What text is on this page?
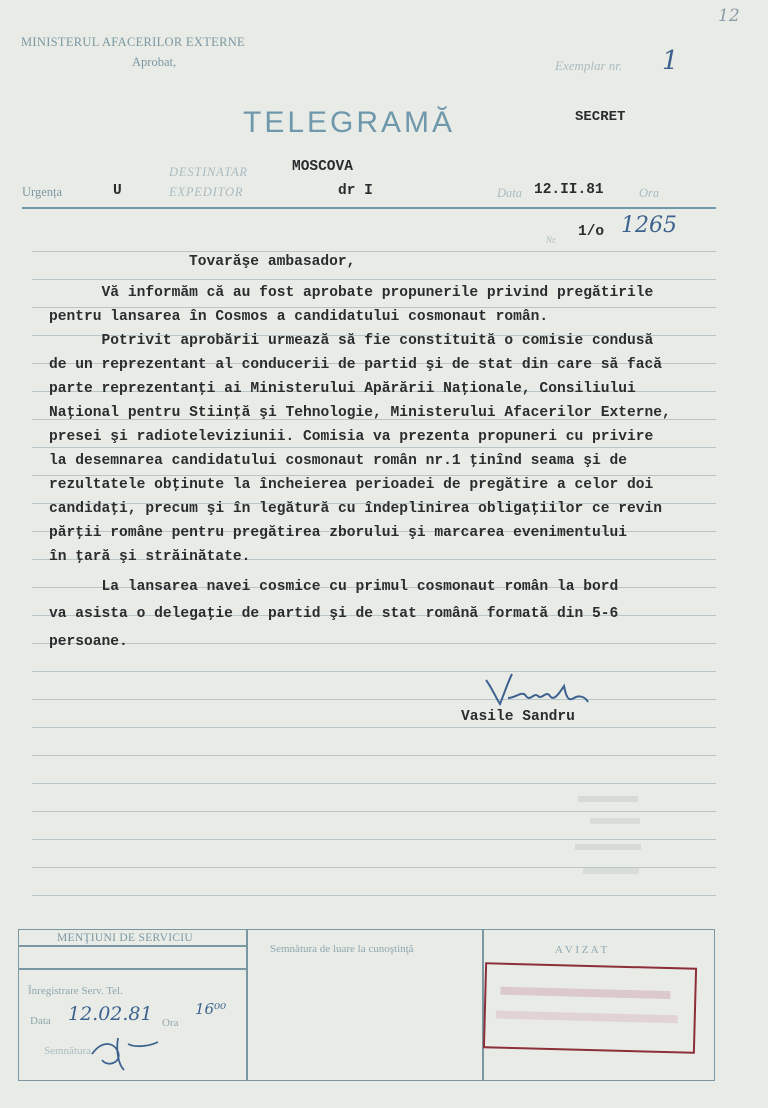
12
MINISTERUL AFACERILOR EXTERNE
Aprobat,	Exemplar nr. 1
TELEGRAMĂ	SECRET
DESTINATAR	MOSCOVA
Urgența	U	EXPEDITOR	dr I	Data 12.II.81	Ora
Nr. 1/o 1265
Tovarăşe ambasador,
Vă informăm că au fost aprobate propunerile privind pregătirile
pentru lansarea în Cosmos a candidatului cosmonaut român.
Potrivit aprobării urmează să fie constituită o comisie condusă
de un reprezentant al conducerii de partid şi de stat din care să facă
parte reprezentanţi ai Ministerului Apărării Naţionale, Consiliului
Naţional pentru Stiinţă şi Tehnologie, Ministerului Afacerilor Externe,
presei şi radioteleviziunii. Comisia va prezenta propuneri cu privire
la desemnarea candidatului cosmonaut român nr.1 ţinînd seama şi de
rezultatele obţinute la încheierea perioadei de pregătire a celor doi
candidaţi, precum şi în legătură cu îndeplinirea obligaţiilor ce revin
părţii române pentru pregătirea zborului şi marcarea evenimentului
în ţară şi străinătate.
La lansarea navei cosmice cu primul cosmonaut român la bord
va asista o delegaţie de partid şi de stat română formată din 5-6
persoane.
Vasile Sandru
MENŢIUNI DE SERVICIU
Semnătura de luare la cunoştinţă	A V I Z A T
Înregistrare Serv. Tel.
Data 12.02.81 Ora
16⁰⁰
Semnătura
